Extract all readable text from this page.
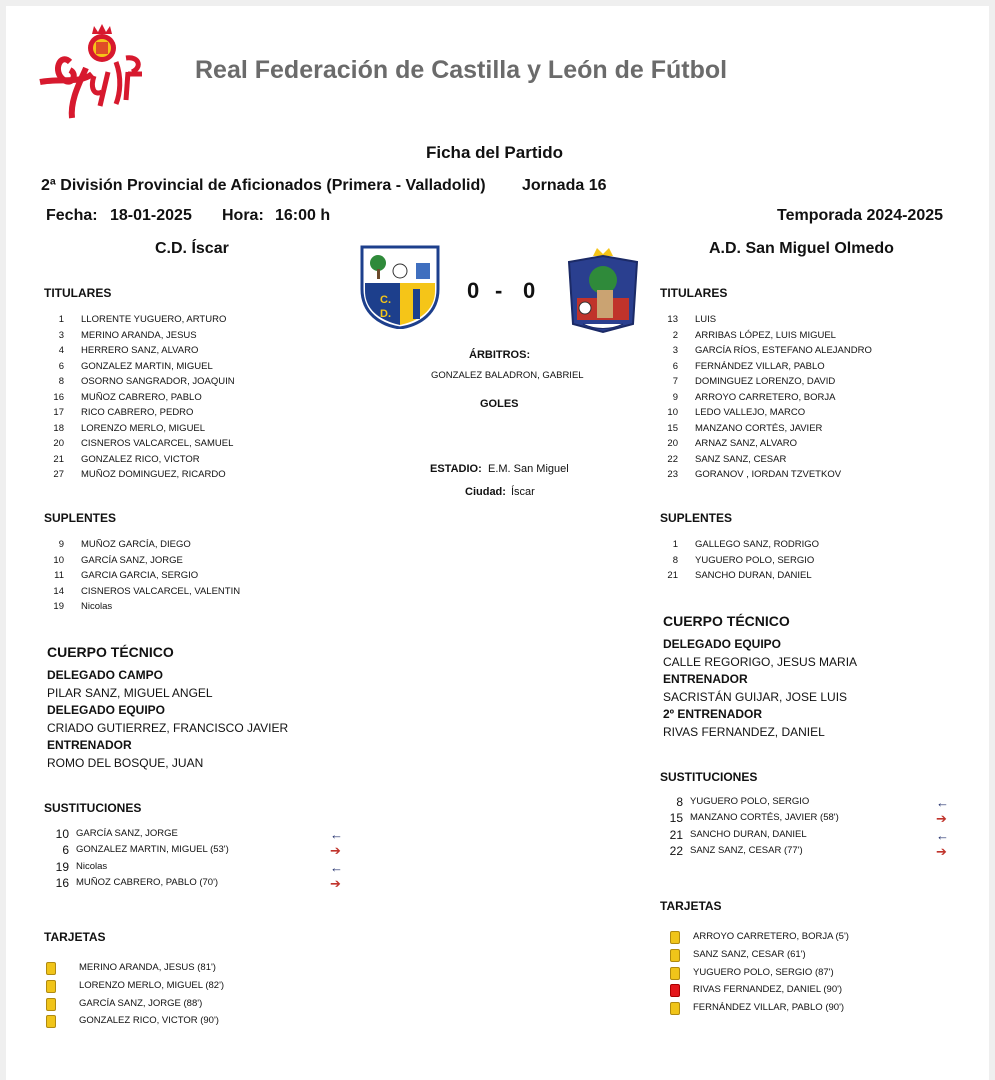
Real Federación de Castilla y León de Fútbol
Ficha del Partido
2ª División Provincial de Aficionados (Primera - Valladolid) Jornada 16
Fecha: 18-01-2025 Hora: 16:00 h	Temporada 2024-2025
C.D. Íscar	A.D. San Miguel Olmedo
C.
D.
0 - 0
ÁRBITROS:
GONZALEZ BALADRON, GABRIEL
GOLES
ESTADIO: E.M. San Miguel
Ciudad: Íscar
TITULARES
1 LLORENTE YUGUERO, ARTURO
3 MERINO ARANDA, JESUS
4 HERRERO SANZ, ALVARO
6 GONZALEZ MARTIN, MIGUEL
8 OSORNO SANGRADOR, JOAQUIN
16 MUÑOZ CABRERO, PABLO
17 RICO CABRERO, PEDRO
18 LORENZO MERLO, MIGUEL
20 CISNEROS VALCARCEL, SAMUEL
21 GONZALEZ RICO, VICTOR
27 MUÑOZ DOMINGUEZ, RICARDO
SUPLENTES
9 MUÑOZ GARCÍA, DIEGO
10 GARCÍA SANZ, JORGE
11 GARCIA GARCIA, SERGIO
14 CISNEROS VALCARCEL, VALENTIN
19 Nicolas
CUERPO TÉCNICO
DELEGADO CAMPO
PILAR SANZ, MIGUEL ANGEL
DELEGADO EQUIPO
CRIADO GUTIERREZ, FRANCISCO JAVIER
ENTRENADOR
ROMO DEL BOSQUE, JUAN
SUSTITUCIONES
10 GARCÍA SANZ, JORGE	←
6 GONZALEZ MARTIN, MIGUEL (53')	➔
19 Nicolas	←
16 MUÑOZ CABRERO, PABLO (70')	➔
TARJETAS
MERINO ARANDA, JESUS (81')
LORENZO MERLO, MIGUEL (82')
GARCÍA SANZ, JORGE (88')
GONZALEZ RICO, VICTOR (90')
TITULARES
13 LUIS
2 ARRIBAS LÓPEZ, LUIS MIGUEL
3 GARCÍA RÍOS, ESTEFANO ALEJANDRO
6 FERNÁNDEZ VILLAR, PABLO
7 DOMINGUEZ LORENZO, DAVID
9 ARROYO CARRETERO, BORJA
10 LEDO VALLEJO, MARCO
15 MANZANO CORTÉS, JAVIER
20 ARNAZ SANZ, ALVARO
22 SANZ SANZ, CESAR
23 GORANOV , IORDAN TZVETKOV
SUPLENTES
1 GALLEGO SANZ, RODRIGO
8 YUGUERO POLO, SERGIO
21 SANCHO DURAN, DANIEL
CUERPO TÉCNICO
DELEGADO EQUIPO
CALLE REGORIGO, JESUS MARIA
ENTRENADOR
SACRISTÁN GUIJAR, JOSE LUIS
2º ENTRENADOR
RIVAS FERNANDEZ, DANIEL
SUSTITUCIONES
8 YUGUERO POLO, SERGIO	←
15 MANZANO CORTÉS, JAVIER (58')	➔
21 SANCHO DURAN, DANIEL	←
22 SANZ SANZ, CESAR (77')	➔
TARJETAS
ARROYO CARRETERO, BORJA (5')
SANZ SANZ, CESAR (61')
YUGUERO POLO, SERGIO (87')
RIVAS FERNANDEZ, DANIEL (90')
FERNÁNDEZ VILLAR, PABLO (90')
